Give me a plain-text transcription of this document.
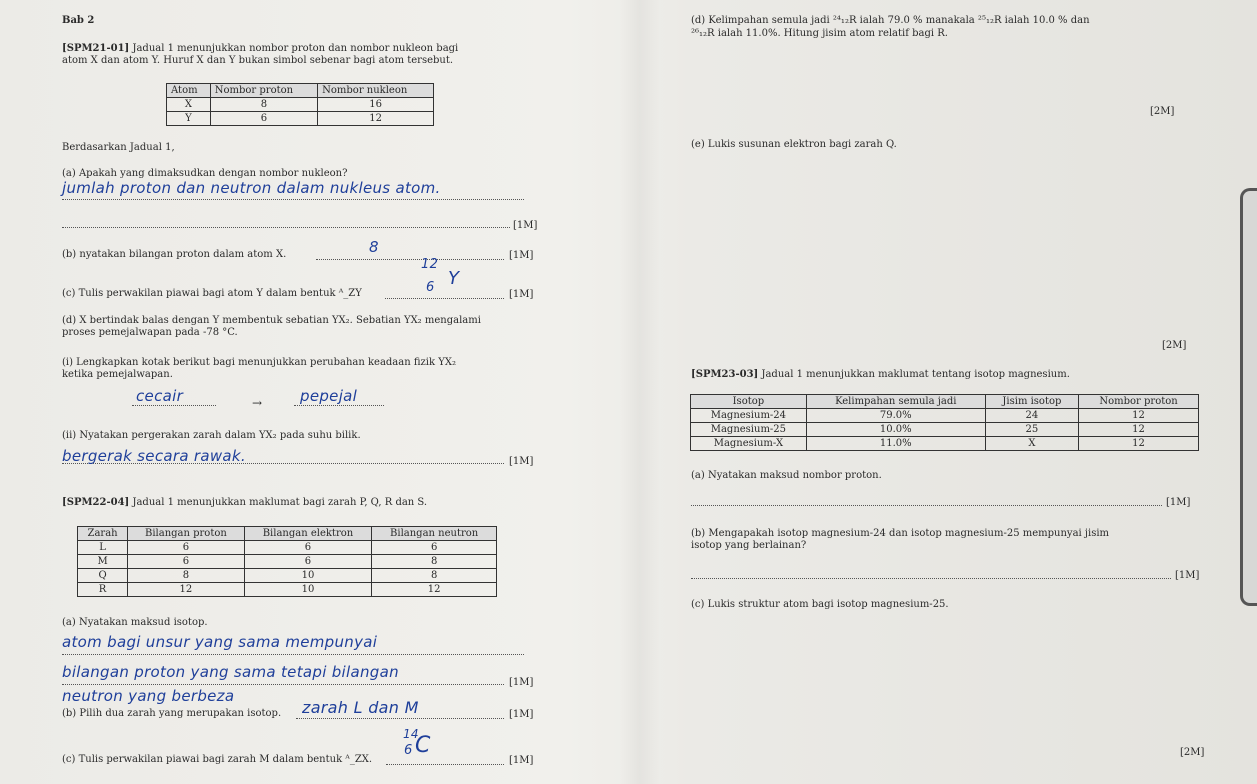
Bab 2
[SPM21-01] Jadual 1 menunjukkan nombor proton dan nombor nukleon bagi
atom X dan atom Y. Huruf X dan Y bukan simbol sebenar bagi atom tersebut.
Atom	Nombor proton	Nombor nukleon
X	8	16
Y	6	12
Berdasarkan Jadual 1,
(a) Apakah yang dimaksudkan dengan nombor nukleon?
jumlah proton dan neutron dalam nukleus atom.
[1M]
(b) nyatakan bilangan proton dalam atom X.	8	[1M]
(c) Tulis perwakilan piawai bagi atom Y dalam bentuk ᴬ_ZY
12
6 Y
[1M]
(d) X bertindak balas dengan Y membentuk sebatian YX₂. Sebatian YX₂ mengalami
proses pemejalwapan pada -78 °C.
(i) Lengkapkan kotak berikut bagi menunjukkan perubahan keadaan fizik YX₂
ketika pemejalwapan.
cecair	→	pepejal
(ii) Nyatakan pergerakan zarah dalam YX₂ pada suhu bilik.
bergerak secara rawak.	[1M]
[SPM22-04] Jadual 1 menunjukkan maklumat bagi zarah P, Q, R dan S.
Zarah	Bilangan proton	Bilangan elektron	Bilangan neutron
L	6	6	6
M	6	6	8
Q	8	10	8
R	12	10	12
(a) Nyatakan maksud isotop.
atom bagi unsur yang sama mempunyai
bilangan proton yang sama tetapi bilangan
[1M]
neutron yang berbeza
(b) Pilih dua zarah yang merupakan isotop. zarah L dan M	[1M]
(c) Tulis perwakilan piawai bagi zarah M dalam bentuk ᴬ_ZX.
14
6 C
[1M]
(d) Kelimpahan semula jadi ²⁴₁₂R ialah 79.0 % manakala ²⁵₁₂R ialah 10.0 % dan
²⁶₁₂R ialah 11.0%. Hitung jisim atom relatif bagi R.
[2M]
(e) Lukis susunan elektron bagi zarah Q.
[2M]
[SPM23-03] Jadual 1 menunjukkan maklumat tentang isotop magnesium.
Isotop	Kelimpahan semula jadi	Jisim isotop	Nombor proton
Magnesium-24	79.0%	24	12
Magnesium-25	10.0%	25	12
Magnesium-X	11.0%	X	12
(a) Nyatakan maksud nombor proton.
[1M]
(b) Mengapakah isotop magnesium-24 dan isotop magnesium-25 mempunyai jisim
isotop yang berlainan?
[1M]
(c) Lukis struktur atom bagi isotop magnesium-25.
[2M]
